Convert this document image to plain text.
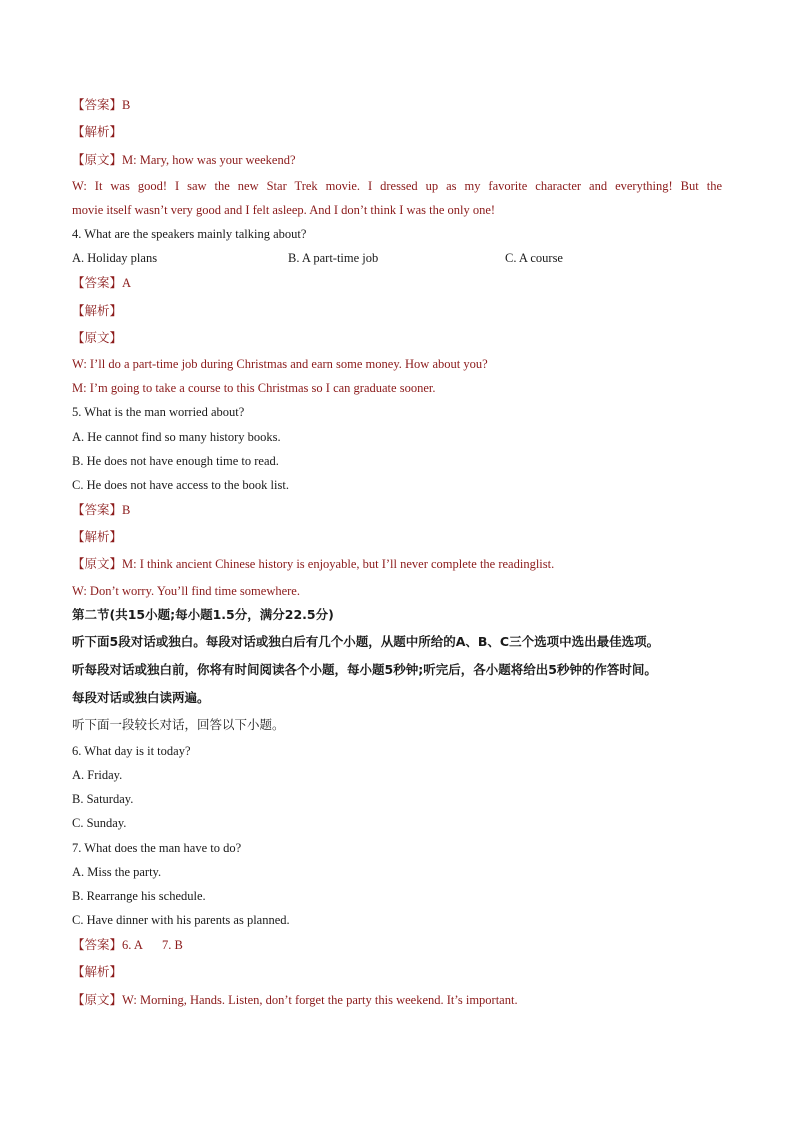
【答案】B
【解析】
【原文】M: Mary, how was your weekend?
W: It was good! I saw the new Star Trek movie. I dressed up as my favorite character and everything! But the
movie itself wasn’t very good and I felt asleep. And I don’t think I was the only one!
4. What are the speakers mainly talking about?
A. Holiday plans	B. A part-time job	C. A course
【答案】A
【解析】
【原文】
W: I’ll do a part-time job during Christmas and earn some money. How about you?
M: I’m going to take a course to this Christmas so I can graduate sooner.
5. What is the man worried about?
A. He cannot find so many history books.
B. He does not have enough time to read.
C. He does not have access to the book list.
【答案】B
【解析】
【原文】M: I think ancient Chinese history is enjoyable, but I’ll never complete the readinglist.
W: Don’t worry. You’ll find time somewhere.
第二节(共15小题;每小题1.5分，满分22.5分)
听下面5段对话或独白。每段对话或独白后有几个小题，从题中所给的A、B、C三个选项中选出最佳选项。
听每段对话或独白前，你将有时间阅读各个小题，每小题5秒钟;听完后，各小题将给出5秒钟的作答时间。
每段对话或独白读两遍。
听下面一段较长对话，回答以下小题。
6. What day is it today?
A. Friday.
B. Saturday.
C. Sunday.
7. What does the man have to do?
A. Miss the party.
B. Rearrange his schedule.
C. Have dinner with his parents as planned.
【答案】6. A 7. B
【解析】
【原文】W: Morning, Hands. Listen, don’t forget the party this weekend. It’s important.
